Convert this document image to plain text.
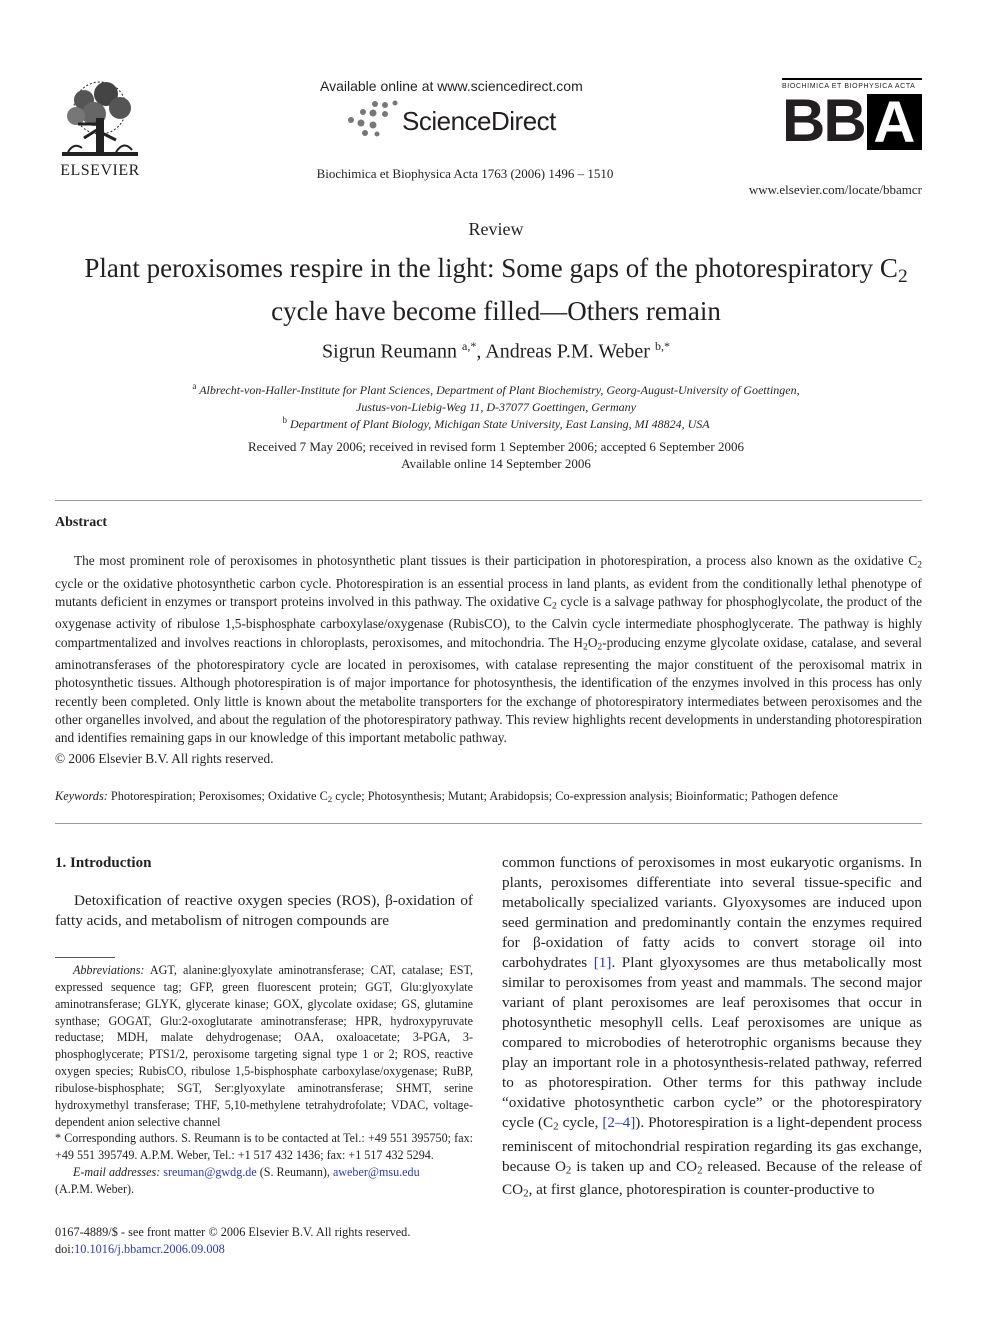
ELSEVIER
Available online at www.sciencedirect.com
ScienceDirect
Biochimica et Biophysica Acta 1763 (2006) 1496 – 1510
BIOCHIMICA ET BIOPHYSICA ACTA
BB A
www.elsevier.com/locate/bbamcr
Review
Plant peroxisomes respire in the light: Some gaps of the photorespiratory $C_2$
cycle have become filled—Others remain
Sigrun Reumann $^{a,*}$, Andreas P.M. Weber $^{b,*}$
$^a$ Albrecht-von-Haller-Institute for Plant Sciences, Department of Plant Biochemistry, Georg-August-University of Goettingen,
Justus-von-Liebig-Weg 11, D-37077 Goettingen, Germany
$^b$ Department of Plant Biology, Michigan State University, East Lansing, MI 48824, USA
Received 7 May 2006; received in revised form 1 September 2006; accepted 6 September 2006
Available online 14 September 2006
Abstract

The most prominent role of peroxisomes in photosynthetic plant tissues is their participation in photorespiration, a process also known as the oxidative $C_2$ cycle or the oxidative photosynthetic carbon cycle. Photorespiration is an essential process in land plants, as evident from the conditionally lethal phenotype of mutants deficient in enzymes or transport proteins involved in this pathway. The oxidative $C_2$ cycle is a salvage pathway for phosphoglycolate, the product of the oxygenase activity of ribulose 1,5-bisphosphate carboxylase/oxygenase (RubisCO), to the Calvin cycle intermediate phosphoglycerate. The pathway is highly compartmentalized and involves reactions in chloroplasts, peroxisomes, and mitochondria. The $H_2O_2$-producing enzyme glycolate oxidase, catalase, and several aminotransferases of the photorespiratory cycle are located in peroxisomes, with catalase representing the major constituent of the peroxisomal matrix in photosynthetic tissues. Although photorespiration is of major importance for photosynthesis, the identification of the enzymes involved in this process has only recently been completed. Only little is known about the metabolite transporters for the exchange of photorespiratory intermediates between peroxisomes and the other organelles involved, and about the regulation of the photorespiratory pathway. This review highlights recent developments in understanding photorespiration and identifies remaining gaps in our knowledge of this important metabolic pathway.

© 2006 Elsevier B.V. All rights reserved.
Keywords: Photorespiration; Peroxisomes; Oxidative $C_2$ cycle; Photosynthesis; Mutant; Arabidopsis; Co-expression analysis; Bioinformatic; Pathogen defence
1. Introduction
Detoxification of reactive oxygen species (ROS), β-oxidation of fatty acids, and metabolism of nitrogen compounds are

Abbreviations: AGT, alanine:glyoxylate aminotransferase; CAT, catalase; EST, expressed sequence tag; GFP, green fluorescent protein; GGT, Glu:glyoxylate aminotransferase; GLYK, glycerate kinase; GOX, glycolate oxidase; GS, glutamine synthase; GOGAT, Glu:2-oxoglutarate aminotransferase; HPR, hydroxypyruvate reductase; MDH, malate dehydrogenase; OAA, oxaloacetate; 3-PGA, 3-phosphoglycerate; PTS1/2, peroxisome targeting signal type 1 or 2; ROS, reactive oxygen species; RubisCO, ribulose 1,5-bisphosphate carboxylase/oxygenase; RuBP, ribulose-bisphosphate; SGT, Ser:glyoxylate aminotransferase; SHMT, serine hydroxymethyl transferase; THF, 5,10-methylene tetrahydrofolate; VDAC, voltage-dependent anion selective channel

* Corresponding authors. S. Reumann is to be contacted at Tel.: +49 551 395750; fax: +49 551 395749. A.P.M. Weber, Tel.: +1 517 432 1436; fax: +1 517 432 5294.

E-mail addresses: sreuman@gwdg.de (S. Reumann), aweber@msu.edu
(A.P.M. Weber).

0167-4889/$ - see front matter © 2006 Elsevier B.V. All rights reserved.
doi:10.1016/j.bbamcr.2006.09.008
common functions of peroxisomes in most eukaryotic organisms. In plants, peroxisomes differentiate into several tissue-specific and metabolically specialized variants. Glyoxysomes are induced upon seed germination and predominantly contain the enzymes required for β-oxidation of fatty acids to convert storage oil into carbohydrates [1]. Plant glyoxysomes are thus metabolically most similar to peroxisomes from yeast and mammals. The second major variant of plant peroxisomes are leaf peroxisomes that occur in photosynthetic mesophyll cells. Leaf peroxisomes are unique as compared to microbodies of heterotrophic organisms because they play an important role in a photosynthesis-related pathway, referred to as photorespiration. Other terms for this pathway include “oxidative photosynthetic carbon cycle” or the photorespiratory cycle ($C_2$ cycle, [2–4]). Photorespiration is a light-dependent process reminiscent of mitochondrial respiration regarding its gas exchange, because $O_2$ is taken up and $CO_2$ released. Because of the release of $CO_2$, at first glance, photorespiration is counter-productive to
